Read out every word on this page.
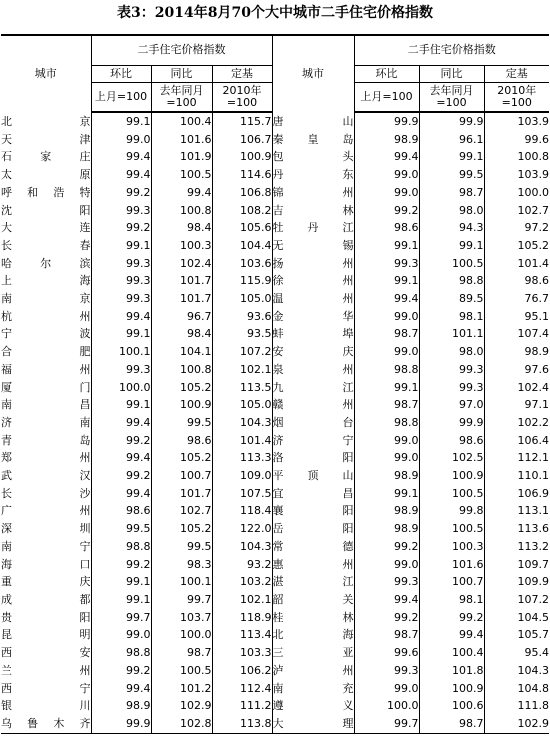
表3：2014年8月70个大中城市二手住宅价格指数
城市	二手住宅价格指数			城市	二手住宅价格指数		
	环比	同比	定基		环比	同比	定基
	上月=100	去年同月=100	2010年=100		上月=100	去年同月=100	2010年=100
北京	99.1	100.4	115.7	唐山	99.9	99.9	103.9
天津	99.0	101.6	106.7	秦皇岛	98.9	96.1	99.6
石家庄	99.4	101.9	100.9	包头	99.4	99.1	100.8
太原	99.4	100.5	114.6	丹东	99.0	99.5	103.9
呼和浩特	99.2	99.4	106.8	锦州	99.0	98.7	100.0
沈阳	99.3	100.8	108.2	吉林	99.2	98.0	102.7
大连	99.2	98.4	105.6	牡丹江	98.6	94.3	97.2
长春	99.1	100.3	104.4	无锡	99.1	99.1	105.2
哈尔滨	99.3	102.4	103.6	扬州	99.3	100.5	101.4
上海	99.3	101.7	115.9	徐州	99.1	98.8	98.6
南京	99.3	101.7	105.0	温州	99.4	89.5	76.7
杭州	99.4	96.7	93.6	金华	99.0	98.1	95.1
宁波	99.1	98.4	93.5	蚌埠	98.7	101.1	107.4
合肥	100.1	104.1	107.2	安庆	99.0	98.0	98.9
福州	99.3	100.8	102.1	泉州	98.8	99.3	97.6
厦门	100.0	105.2	113.5	九江	99.1	99.3	102.4
南昌	99.1	100.9	105.0	赣州	98.7	97.0	97.1
济南	99.4	99.5	104.3	烟台	98.8	99.9	102.2
青岛	99.2	98.6	101.4	济宁	99.0	98.6	106.4
郑州	99.4	105.2	113.3	洛阳	99.0	102.5	112.1
武汉	99.2	100.7	109.0	平顶山	98.9	100.9	110.1
长沙	99.4	101.7	107.5	宜昌	99.1	100.5	106.9
广州	98.6	102.7	118.4	襄阳	98.9	99.8	113.1
深圳	99.5	105.2	122.0	岳阳	98.9	100.5	113.6
南宁	98.8	99.5	104.3	常德	99.2	100.3	113.2
海口	99.2	98.3	93.2	惠州	99.0	101.6	109.7
重庆	99.1	100.1	103.2	湛江	99.3	100.7	109.9
成都	99.1	99.7	102.1	韶关	99.4	98.1	107.2
贵阳	99.7	103.7	118.9	桂林	99.2	99.2	104.5
昆明	99.0	100.0	113.4	北海	98.7	99.4	105.7
西安	98.8	98.7	103.3	三亚	99.6	100.4	95.4
兰州	99.2	100.5	106.2	泸州	99.3	101.8	104.3
西宁	99.4	101.2	112.4	南充	99.0	100.9	104.8
银川	98.9	102.9	111.2	遵义	100.0	100.6	111.8
乌鲁木齐	99.9	102.8	113.8	大理	99.7	98.7	102.9
